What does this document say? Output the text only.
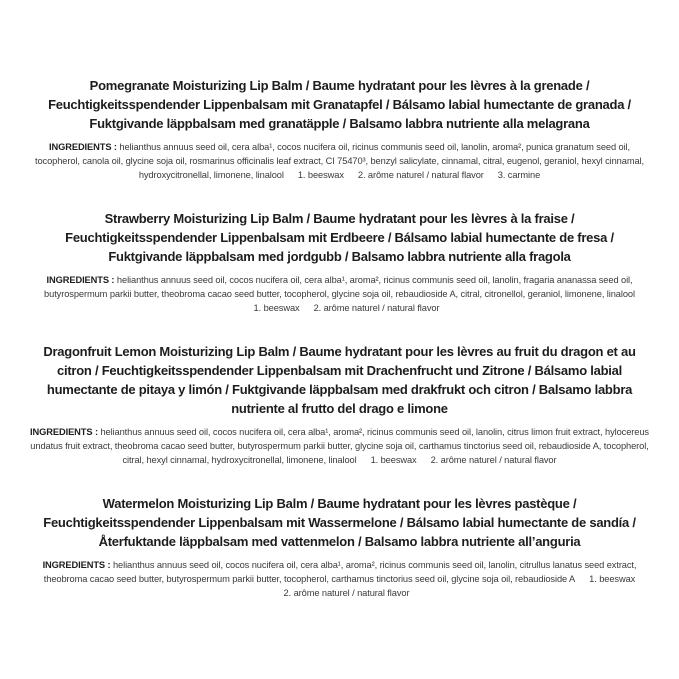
Pomegranate Moisturizing Lip Balm / Baume hydratant pour les lèvres à la grenade / Feuchtigkeitsspendender Lippenbalsam mit Granatapfel / Bálsamo labial humectante de granada / Fuktgivande läppbalsam med granatäpple / Balsamo labbra nutriente alla melagrana

INGREDIENTS : helianthus annuus seed oil, cera alba¹, cocos nucifera oil, ricinus communis seed oil, lanolin, aroma², punica granatum seed oil, tocopherol, canola oil, glycine soja oil, rosmarinus officinalis leaf extract, CI 75470³, benzyl salicylate, cinnamal, citral, eugenol, geraniol, hexyl cinnamal, hydroxycitronellal, limonene, linalool 1. beeswax 2. arôme naturel / natural flavor 3. carmine

Strawberry Moisturizing Lip Balm / Baume hydratant pour les lèvres à la fraise / Feuchtigkeitsspendender Lippenbalsam mit Erdbeere / Bálsamo labial humectante de fresa / Fuktgivande läppbalsam med jordgubb / Balsamo labbra nutriente alla fragola

INGREDIENTS : helianthus annuus seed oil, cocos nucifera oil, cera alba¹, aroma², ricinus communis seed oil, lanolin, fragaria ananassa seed oil, butyrospermum parkii butter, theobroma cacao seed butter, tocopherol, glycine soja oil, rebaudioside A, citral, citronellol, geraniol, limonene, linalool1. beeswax 2. arôme naturel / natural flavor

Dragonfruit Lemon Moisturizing Lip Balm / Baume hydratant pour les lèvres au fruit du dragon et au citron / Feuchtigkeitsspendender Lippenbalsam mit Drachenfrucht und Zitrone / Bálsamo labial humectante de pitaya y limón / Fuktgivande läppbalsam med drakfrukt och citron / Balsamo labbra nutriente al frutto del drago e limone

INGREDIENTS : helianthus annuus seed oil, cocos nucifera oil, cera alba¹, aroma², ricinus communis seed oil, lanolin, citrus limon fruit extract, hylocereus undatus fruit extract, theobroma cacao seed butter, butyrospermum parkii butter, glycine soja oil, carthamus tinctorius seed oil, rebaudioside A, tocopherol, citral, hexyl cinnamal, hydroxycitronellal, limonene, linalool 1. beeswax 2. arôme naturel / natural flavor

Watermelon Moisturizing Lip Balm / Baume hydratant pour les lèvres pastèque / Feuchtigkeitsspendender Lippenbalsam mit Wassermelone / Bálsamo labial humectante de sandía / Återfuktande läppbalsam med vattenmelon / Balsamo labbra nutriente all’anguria

INGREDIENTS : helianthus annuus seed oil, cocos nucifera oil, cera alba¹, aroma², ricinus communis seed oil, lanolin, citrullus lanatus seed extract, theobroma cacao seed butter, butyrospermum parkii butter, tocopherol, carthamus tinctorius seed oil, glycine soja oil, rebaudioside A 1. beeswax2. arôme naturel / natural flavor
